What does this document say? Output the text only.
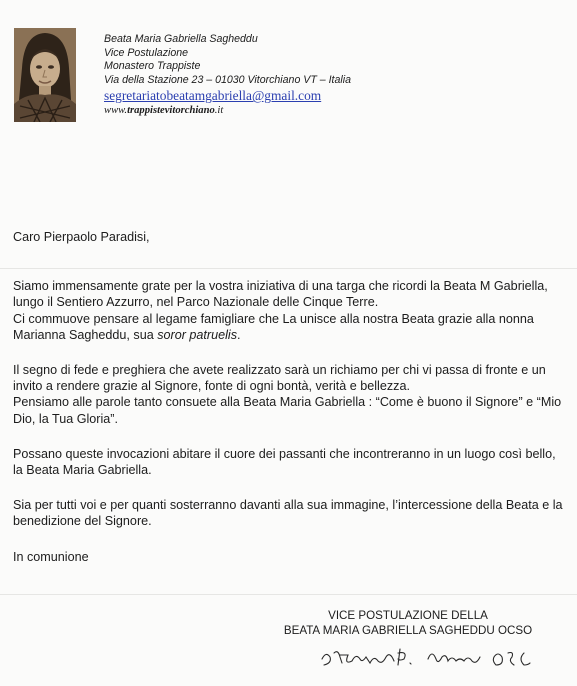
Beata Maria Gabriella Sagheddu
Vice Postulazione
Monastero Trappiste
Via della Stazione 23 – 01030 Vitorchiano VT – Italia
segretariatobeatamgabriella@gmail.com
www.trappistevitorchiano.it

Caro Pierpaolo Paradisi,

Siamo immensamente grate per la vostra iniziativa di una targa che ricordi la Beata M Gabriella, lungo il Sentiero Azzurro, nel Parco Nazionale delle Cinque Terre.

Ci commuove pensare al legame famigliare che La unisce alla nostra Beata grazie alla nonna Marianna Sagheddu, sua soror patruelis.

Il segno di fede e preghiera che avete realizzato sarà un richiamo per chi vi passa di fronte e un invito a rendere grazie al Signore, fonte di ogni bontà, verità e bellezza.

Pensiamo alle parole tanto consuete alla Beata Maria Gabriella : “Come è buono il Signore” e “Mio Dio, la Tua Gloria”.

Possano queste invocazioni abitare il cuore dei passanti che incontreranno in un luogo così bello, la Beata Maria Gabriella.

Sia per tutti voi e per quanti sosterranno davanti alla sua immagine, l’intercessione della Beata e la benedizione del Signore.

In comunione

VICE POSTULAZIONE DELLA
BEATA MARIA GABRIELLA SAGHEDDU OCSO
